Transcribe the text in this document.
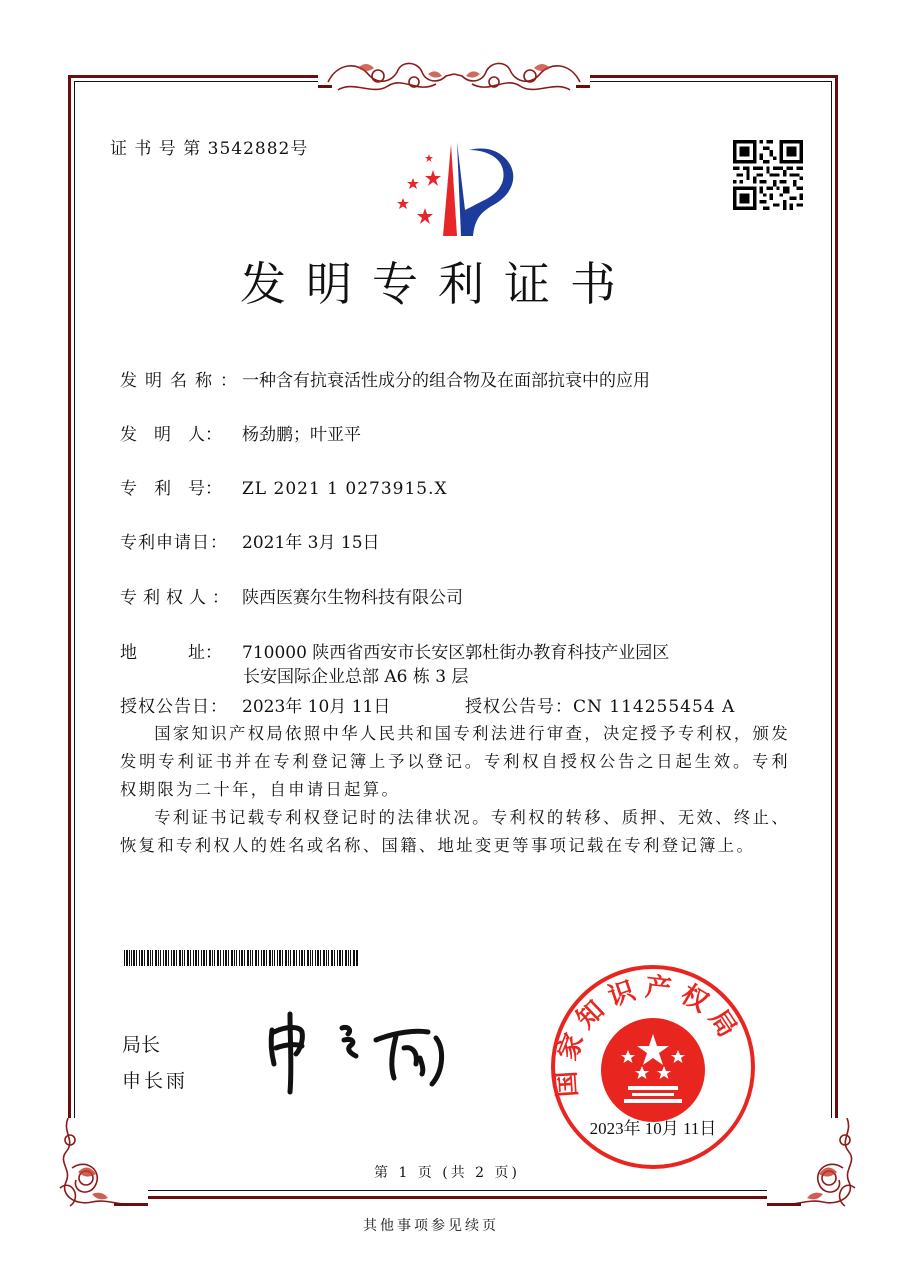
证 书 号 第 3542882号
发明专利证书
发明名称：一种含有抗衰活性成分的组合物及在面部抗衰中的应用
发　明　人： 杨劲鹏；叶亚平
专　利　号： ZL 2021 1 0273915.X
专利申请日： 2021年 3月 15日
专利权人： 陕西医赛尔生物科技有限公司
地　　　址： 710000 陕西省西安市长安区郭杜街办教育科技产业园区
长安国际企业总部 A6 栋 3 层
授权公告日： 2023年 10月 11日	授权公告号：CN 114255454 A

国家知识产权局依照中华人民共和国专利法进行审查，决定授予专利权，颁发发明专利证书并在专利登记簿上予以登记。专利权自授权公告之日起生效。专利权期限为二十年，自申请日起算。

专利证书记载专利权登记时的法律状况。专利权的转移、质押、无效、终止、恢复和专利权人的姓名或名称、国籍、地址变更等事项记载在专利登记簿上。

局长
申长雨	国家知识产权局
2023年 10月 11日
第 1 页 (共 2 页)
其他事项参见续页
